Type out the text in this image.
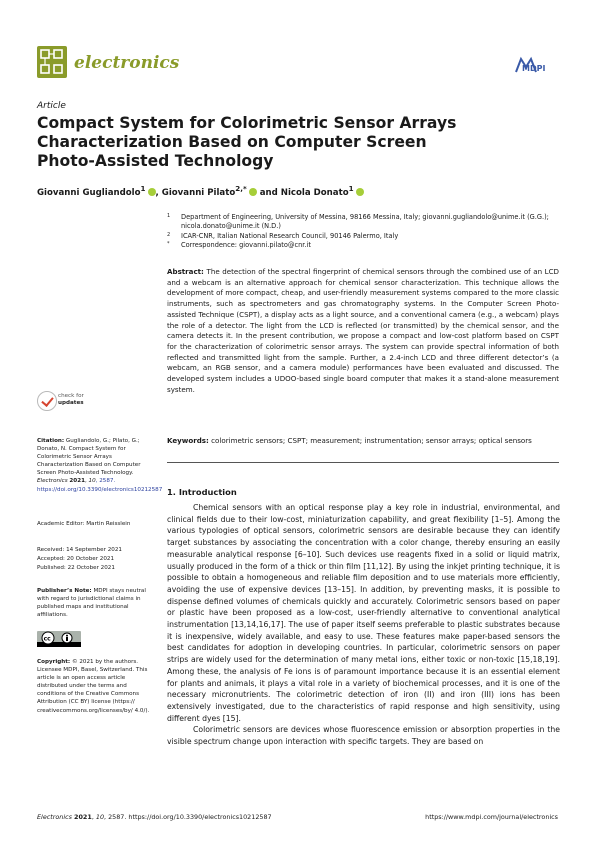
electronics	MDPI
Article
Compact System for Colorimetric Sensor Arrays Characterization Based on Computer Screen Photo-Assisted Technology
Giovanni Gugliandolo$^1$ , Giovanni Pilato$^{2,*}$ and Nicola Donato$^1$
1 Department of Engineering, University of Messina, 98166 Messina, Italy; giovanni.gugliandolo@unime.it (G.G.); nicola.donato@unime.it (N.D.)
2 ICAR-CNR, Italian National Research Council, 90146 Palermo, Italy
* Correspondence: giovanni.pilato@cnr.it
Abstract: The detection of the spectral fingerprint of chemical sensors through the combined use of an LCD and a webcam is an alternative approach for chemical sensor characterization. This technique allows the development of more compact, cheap, and user-friendly measurement systems compared to the more classic instruments, such as spectrometers and gas chromatography systems. In the Computer Screen Photo-assisted Technique (CSPT), a display acts as a light source, and a conventional camera (e.g., a webcam) plays the role of a detector. The light from the LCD is reflected (or transmitted) by the chemical sensor, and the camera detects it. In the present contribution, we propose a compact and low-cost platform based on CSPT for the characterization of colorimetric sensor arrays. The system can provide spectral information of both reflected and transmitted light from the sample. Further, a 2.4-inch LCD and three different detector’s (a webcam, an RGB sensor, and a camera module) performances have been evaluated and discussed. The developed system includes a UDOO-based single board computer that makes it a stand-alone measurement system.
Keywords: colorimetric sensors; CSPT; measurement; instrumentation; sensor arrays; optical sensors
check for
updates
Citation: Gugliandolo, G.; Pilato, G.; Donato, N. Compact System for Colorimetric Sensor Arrays Characterization Based on Computer Screen Photo-Assisted Technology. Electronics 2021, 10, 2587. https://doi.org/10.3390/electronics10212587
Academic Editor: Martin Reisslein
Received: 14 September 2021
Accepted: 20 October 2021
Published: 22 October 2021
Publisher’s Note: MDPI stays neutral with regard to jurisdictional claims in published maps and institutional affiliations.
cc
Copyright: © 2021 by the authors. Licensee MDPI, Basel, Switzerland. This article is an open access article distributed under the terms and conditions of the Creative Commons Attribution (CC BY) license (https:// creativecommons.org/licenses/by/ 4.0/).
1. Introduction

Chemical sensors with an optical response play a key role in industrial, environmental, and clinical fields due to their low-cost, miniaturization capability, and great flexibility [1–5]. Among the various typologies of optical sensors, colorimetric sensors are desirable because they can identify target substances by associating the concentration with a color change, thereby ensuring an easily measurable analytical response [6–10]. Such devices use reagents fixed in a solid or liquid matrix, usually produced in the form of a thick or thin film [11,12]. By using the inkjet printing technique, it is possible to obtain a homogeneous and reliable film deposition and to use materials more efficiently, avoiding the use of expensive devices [13–15]. In addition, by preventing masks, it is possible to dispense defined volumes of chemicals quickly and accurately. Colorimetric sensors based on paper or plastic have been proposed as a low-cost, user-friendly alternative to conventional analytical instrumentation [13,14,16,17]. The use of paper itself seems preferable to plastic substrates because it is inexpensive, widely available, and easy to use. These features make paper-based sensors the best candidates for adoption in developing countries. In particular, colorimetric sensors on paper strips are widely used for the determination of many metal ions, either toxic or non-toxic [15,18,19]. Among these, the analysis of Fe ions is of paramount importance because it is an essential element for plants and animals, it plays a vital role in a variety of biochemical processes, and it is one of the necessary micronutrients. The colorimetric detection of iron (II) and iron (III) ions has been extensively investigated, due to the characteristics of rapid response and high sensitivity, using different dyes [15].

Colorimetric sensors are devices whose fluorescence emission or absorption properties in the visible spectrum change upon interaction with specific targets. They are based on

Electronics 2021, 10, 2587. https://doi.org/10.3390/electronics10212587	https://www.mdpi.com/journal/electronics
